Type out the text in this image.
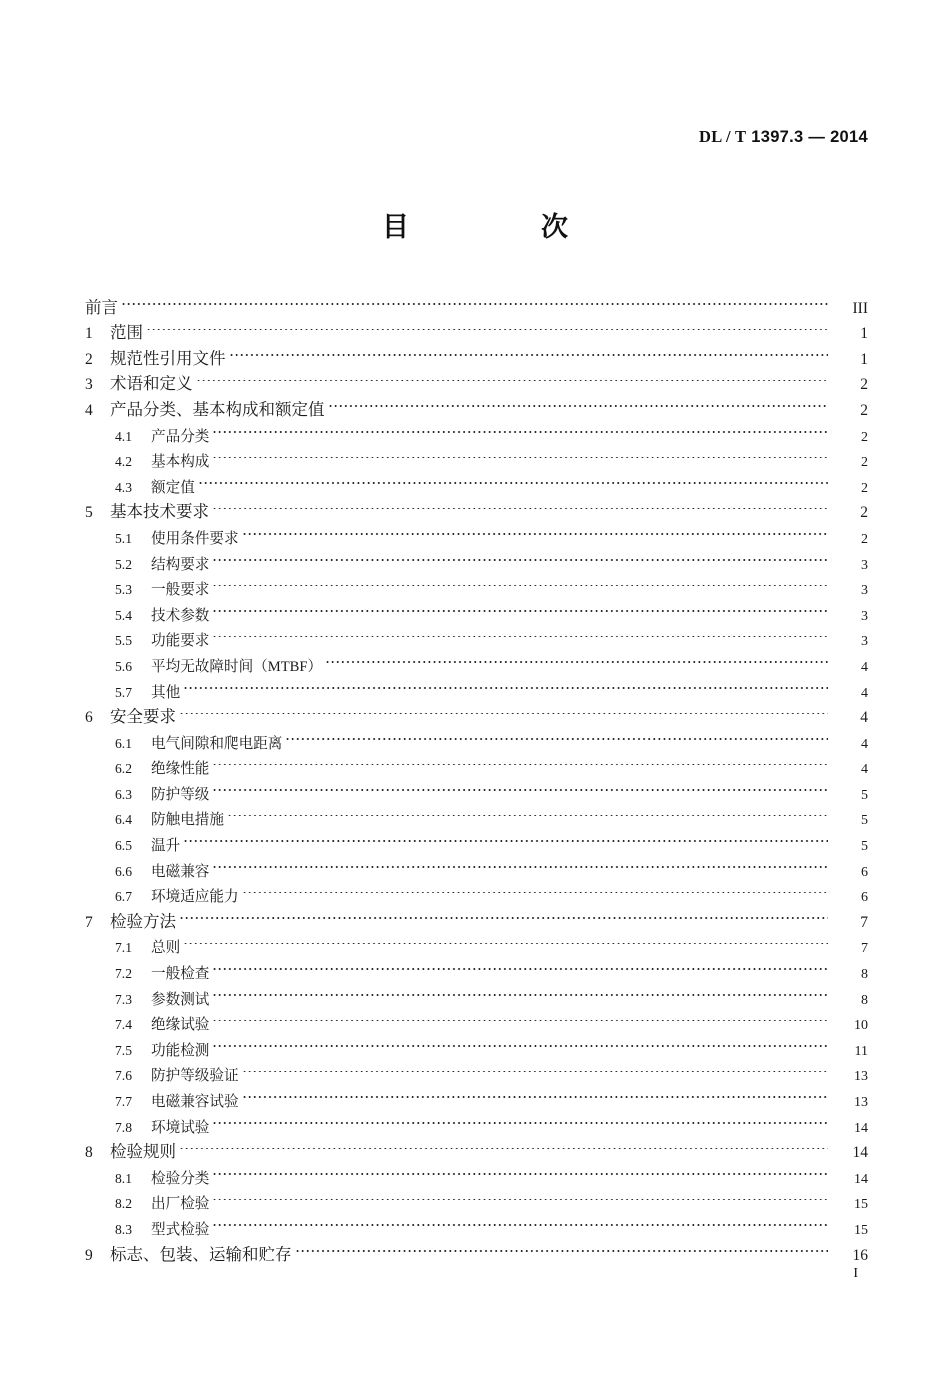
DL / T 1397.3 — 2014
目　　次
前言	III
1	范围	1
2	规范性引用文件	1
3	术语和定义	2
4	产品分类、基本构成和额定值	2
4.1	产品分类	2
4.2	基本构成	2
4.3	额定值	2
5	基本技术要求	2
5.1	使用条件要求	2
5.2	结构要求	3
5.3	一般要求	3
5.4	技术参数	3
5.5	功能要求	3
5.6	平均无故障时间（MTBF）	4
5.7	其他	4
6	安全要求	4
6.1	电气间隙和爬电距离	4
6.2	绝缘性能	4
6.3	防护等级	5
6.4	防触电措施	5
6.5	温升	5
6.6	电磁兼容	6
6.7	环境适应能力	6
7	检验方法	7
7.1	总则	7
7.2	一般检查	8
7.3	参数测试	8
7.4	绝缘试验	10
7.5	功能检测	11
7.6	防护等级验证	13
7.7	电磁兼容试验	13
7.8	环境试验	14
8	检验规则	14
8.1	检验分类	14
8.2	出厂检验	15
8.3	型式检验	15
9	标志、包装、运输和贮存	16
I
